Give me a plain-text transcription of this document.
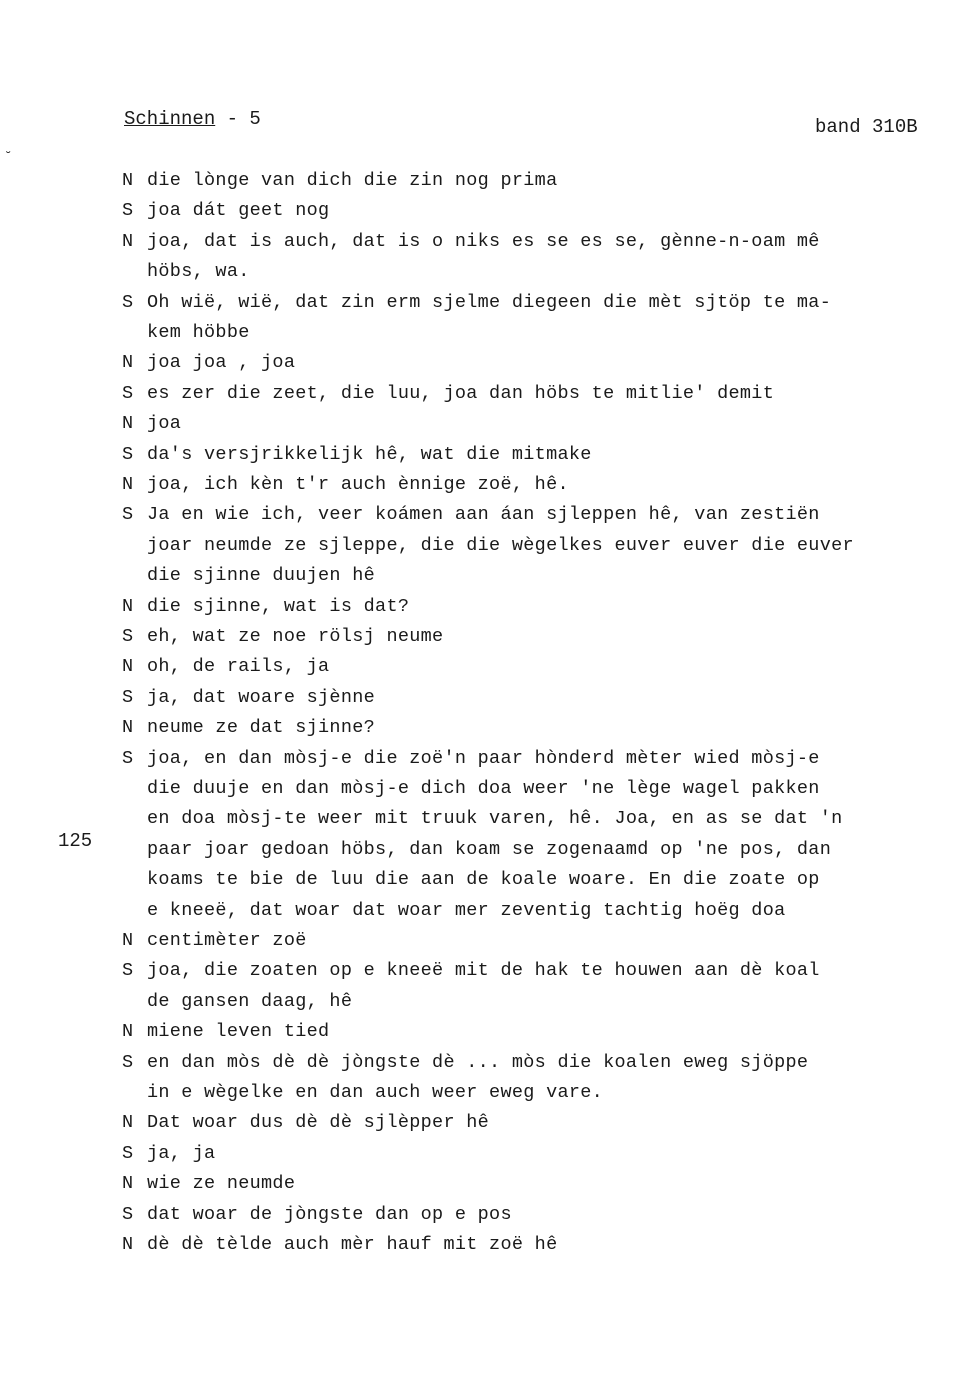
Schinnen - 5	band 310B
˘
125
N die lònge van dich die zin nog prima
S joa dát geet nog
N joa, dat is auch, dat is o niks es se es se, gènne-n-oam mê
höbs, wa.
S Oh wië, wië, dat zin erm sjelme diegeen die mèt sjtöp te ma-
kem höbbe
N joa joa , joa
S es zer die zeet, die luu, joa dan höbs te mitlie' demit
N joa
S da's versjrikkelijk hê, wat die mitmake
N joa, ich kèn t'r auch ènnige zoë, hê.
S Ja en wie ich, veer koámen aan áan sjleppen hê, van zestiën
joar neumde ze sjleppe, die die wègelkes euver euver die euver
die sjinne duujen hê
N die sjinne, wat is dat?
S eh, wat ze noe rölsj neume
N oh, de rails, ja
S ja, dat woare sjènne
N neume ze dat sjinne?
S joa, en dan mòsj-e die zoë'n paar hònderd mèter wied mòsj-e
die duuje en dan mòsj-e dich doa weer 'ne lège wagel pakken
en doa mòsj-te weer mit truuk varen, hê. Joa, en as se dat 'n
paar joar gedoan höbs, dan koam se zogenaamd op 'ne pos, dan
koams te bie de luu die aan de koale woare. En die zoate op
e kneeë, dat woar dat woar mer zeventig tachtig hoëg doa
N centimèter zoë
S joa, die zoaten op e kneeë mit de hak te houwen aan dè koal
de gansen daag, hê
N miene leven tied
S en dan mòs dè dè jòngste dè ... mòs die koalen eweg sjöppe
in e wègelke en dan auch weer eweg vare.
N Dat woar dus dè dè sjlèpper hê
S ja, ja
N wie ze neumde
S dat woar de jòngste dan op e pos
N dè dè tèlde auch mèr hauf mit zoë hê
